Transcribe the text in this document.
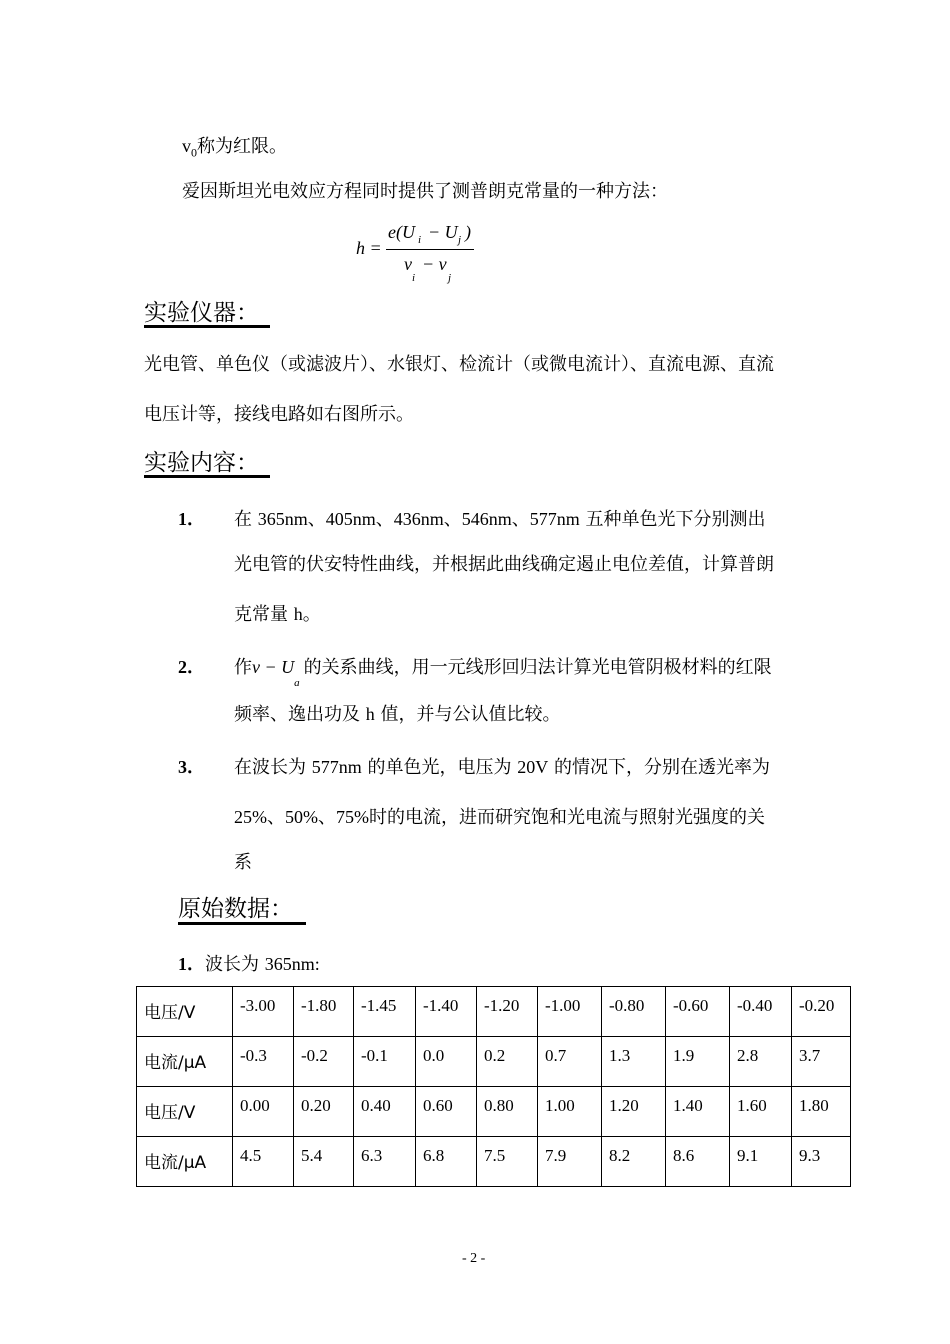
$v_0$称为红限。
爱因斯坦光电效应方程同时提供了测普朗克常量的一种方法：
h =
e(U i − U j )
v
i
− v
j
实验仪器：
光电管、单色仪（或滤波片）、水银灯、检流计（或微电流计）、直流电源、直流
电压计等，接线电路如右图所示。
实验内容：
1． 在 365nm、405nm、436nm、546nm、577nm 五种单色光下分别测出
光电管的伏安特性曲线，并根据此曲线确定遏止电位差值，计算普朗
克常量 h。
2． 作$v - U_a$的关系曲线，用一元线形回归法计算光电管阴极材料的红限
频率、逸出功及 h 值，并与公认值比较。
3． 在波长为 577nm 的单色光，电压为 20V 的情况下，分别在透光率为
25%、50%、75%时的电流，进而研究饱和光电流与照射光强度的关
系
原始数据：
1．波长为 365nm:
电压/V	-3.00	-1.80	-1.45	-1.40	-1.20	-1.00	-0.80	-0.60	-0.40	-0.20
电流/μA	-0.3	-0.2	-0.1	0.0	0.2	0.7	1.3	1.9	2.8	3.7
电压/V	0.00	0.20	0.40	0.60	0.80	1.00	1.20	1.40	1.60	1.80
电流/μA	4.5	5.4	6.3	6.8	7.5	7.9	8.2	8.6	9.1	9.3
- 2 -
